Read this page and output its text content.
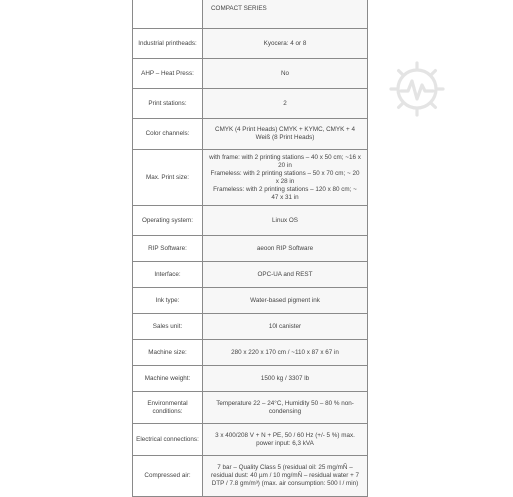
	COMPACT SERIES
Industrial printheads:	Kyocera: 4 or 8
AHP – Heat Press:	No
Print stations:	2
Color channels:	CMYK (4 Print Heads) CMYK + KYMC, CMYK + 4 Weiß (8 Print Heads)
Max. Print size:	with frame: with 2 printing stations – 40 x 50 cm; ~16 x 20 in
Frameless: with 2 printing stations – 50 x 70 cm; ~ 20 x 28 in
Frameless: with 2 printing stations – 120 x 80 cm; ~ 47 x 31 in
Operating system:	Linux OS
RIP Software:	aeoon RIP Software
Interface:	OPC-UA and REST
Ink type:	Water-based pigment ink
Sales unit:	10l canister
Machine size:	280 x 220 x 170 cm / ~110 x 87 x 67 in
Machine weight:	1500 kg / 3307 lb
Environmental conditions:	Temperature 22 – 24°C, Humidity 50 – 80 % non-condensing
Electrical connections:	3 x 400/208 V + N + PE, 50 / 60 Hz (+/- 5 %) max. power input: 6,3 kVA
Compressed air:	7 bar – Quality Class 5 (residual oil: 25 mg/mÑ – residual dust: 40 µm / 10 mg/mÑ – residual water + 7 DTP / 7.8 gm/m³) (max. air consumption: 500 l / min)
